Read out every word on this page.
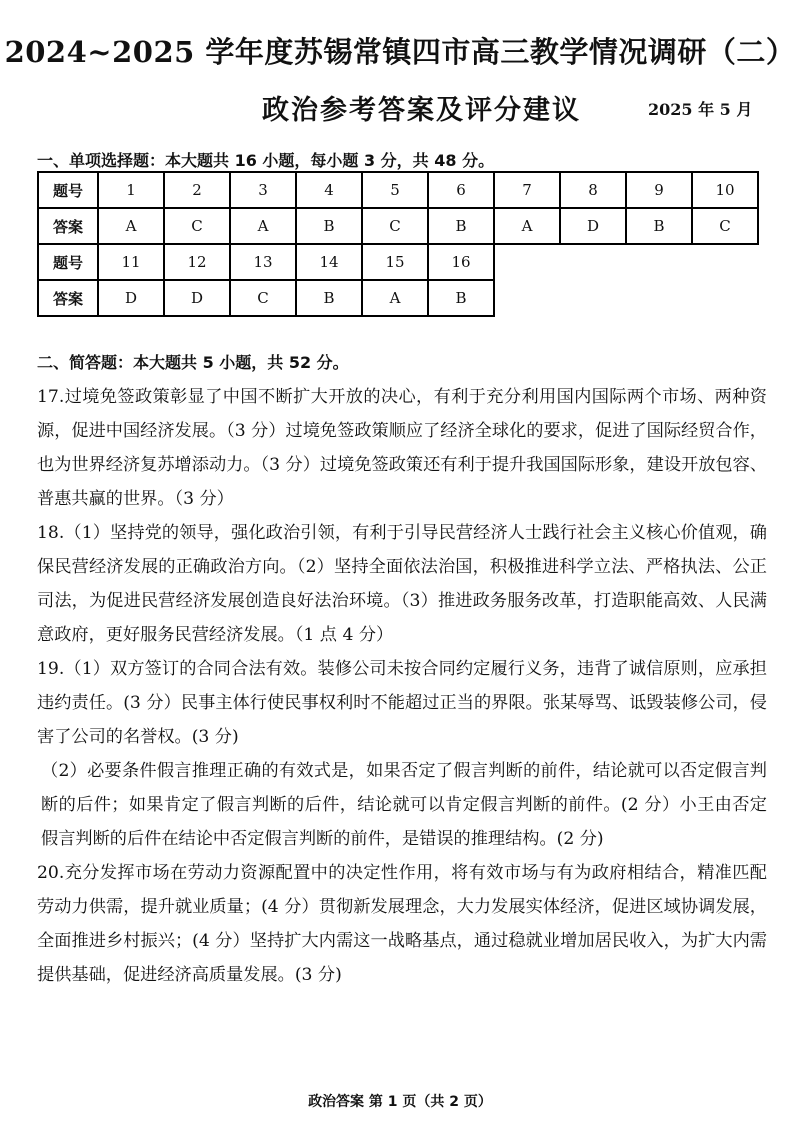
2024~2025 学年度苏锡常镇四市高三教学情况调研（二）
政治参考答案及评分建议	2025 年 5 月
一、单项选择题：本大题共 16 小题，每小题 3 分，共 48 分。
题号	1	2	3	4	5	6	7	8	9	10
答案	A	C	A	B	C	B	A	D	B	C
题号	11	12	13	14	15	16				
答案	D	D	C	B	A	B				
二、简答题：本大题共 5 小题，共 52 分。
17.过境免签政策彰显了中国不断扩大开放的决心，有利于充分利用国内国际两个市场、两种资源，促进中国经济发展。（3 分）过境免签政策顺应了经济全球化的要求，促进了国际经贸合作，也为世界经济复苏增添动力。（3 分）过境免签政策还有利于提升我国国际形象，建设开放包容、普惠共赢的世界。（3 分）
18.（1）坚持党的领导，强化政治引领，有利于引导民营经济人士践行社会主义核心价值观，确保民营经济发展的正确政治方向。（2）坚持全面依法治国，积极推进科学立法、严格执法、公正司法，为促进民营经济发展创造良好法治环境。（3）推进政务服务改革，打造职能高效、人民满意政府，更好服务民营经济发展。（1 点 4 分）
19.（1）双方签订的合同合法有效。装修公司未按合同约定履行义务，违背了诚信原则，应承担违约责任。(3 分）民事主体行使民事权利时不能超过正当的界限。张某辱骂、诋毁装修公司，侵害了公司的名誉权。(3 分)
（2）必要条件假言推理正确的有效式是，如果否定了假言判断的前件，结论就可以否定假言判断的后件；如果肯定了假言判断的后件，结论就可以肯定假言判断的前件。(2 分）小王由否定假言判断的后件在结论中否定假言判断的前件，是错误的推理结构。(2 分)
20.充分发挥市场在劳动力资源配置中的决定性作用，将有效市场与有为政府相结合，精准匹配劳动力供需，提升就业质量；(4 分）贯彻新发展理念，大力发展实体经济，促进区域协调发展，全面推进乡村振兴；(4 分）坚持扩大内需这一战略基点，通过稳就业增加居民收入，为扩大内需提供基础，促进经济高质量发展。(3 分)
政治答案 第 1 页（共 2 页）
